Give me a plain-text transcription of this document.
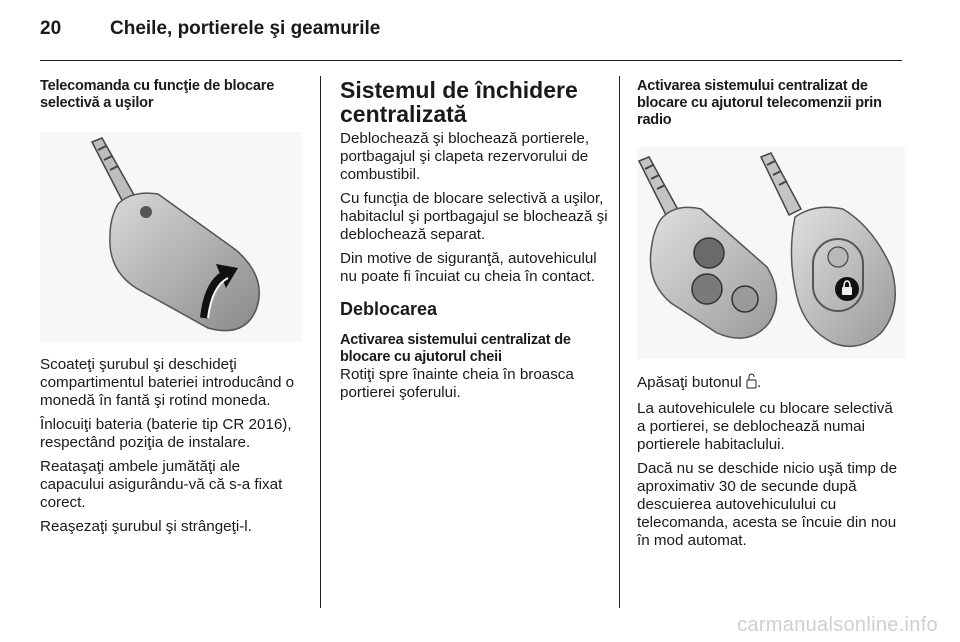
20	Cheile, portierele şi geamurile
Telecomanda cu funcţie de blocare selectivă a uşilor

Scoateţi şurubul şi deschideţi compartimentul bateriei introducând o monedă în fantă şi rotind moneda.

Înlocuiţi bateria (baterie tip CR 2016), respectând poziţia de instalare.

Reataşaţi ambele jumătăţi ale capacului asigurându-vă că s-a fixat corect.

Reaşezaţi şurubul şi strângeţi-l.

Sistemul de închidere centralizată

Deblochează şi blochează portierele, portbagajul şi clapeta rezervorului de combustibil.

Cu funcţia de blocare selectivă a uşilor, habitaclul şi portbagajul se blochează şi deblochează separat.

Din motive de siguranţă, autovehiculul nu poate fi încuiat cu cheia în contact.

Deblocarea
Activarea sistemului centralizat de blocare cu ajutorul cheii

Rotiţi spre înainte cheia în broasca portierei şoferului.

Activarea sistemului centralizat de blocare cu ajutorul telecomenzii prin radio

Apăsaţi butonul .

La autovehiculele cu blocare selectivă a portierei, se deblochează numai portierele habitaclului.

Dacă nu se deschide nicio uşă timp de aproximativ 30 de secunde după descuierea autovehiculului cu telecomanda, acesta se încuie din nou în mod automat.

carmanualsonline.info
